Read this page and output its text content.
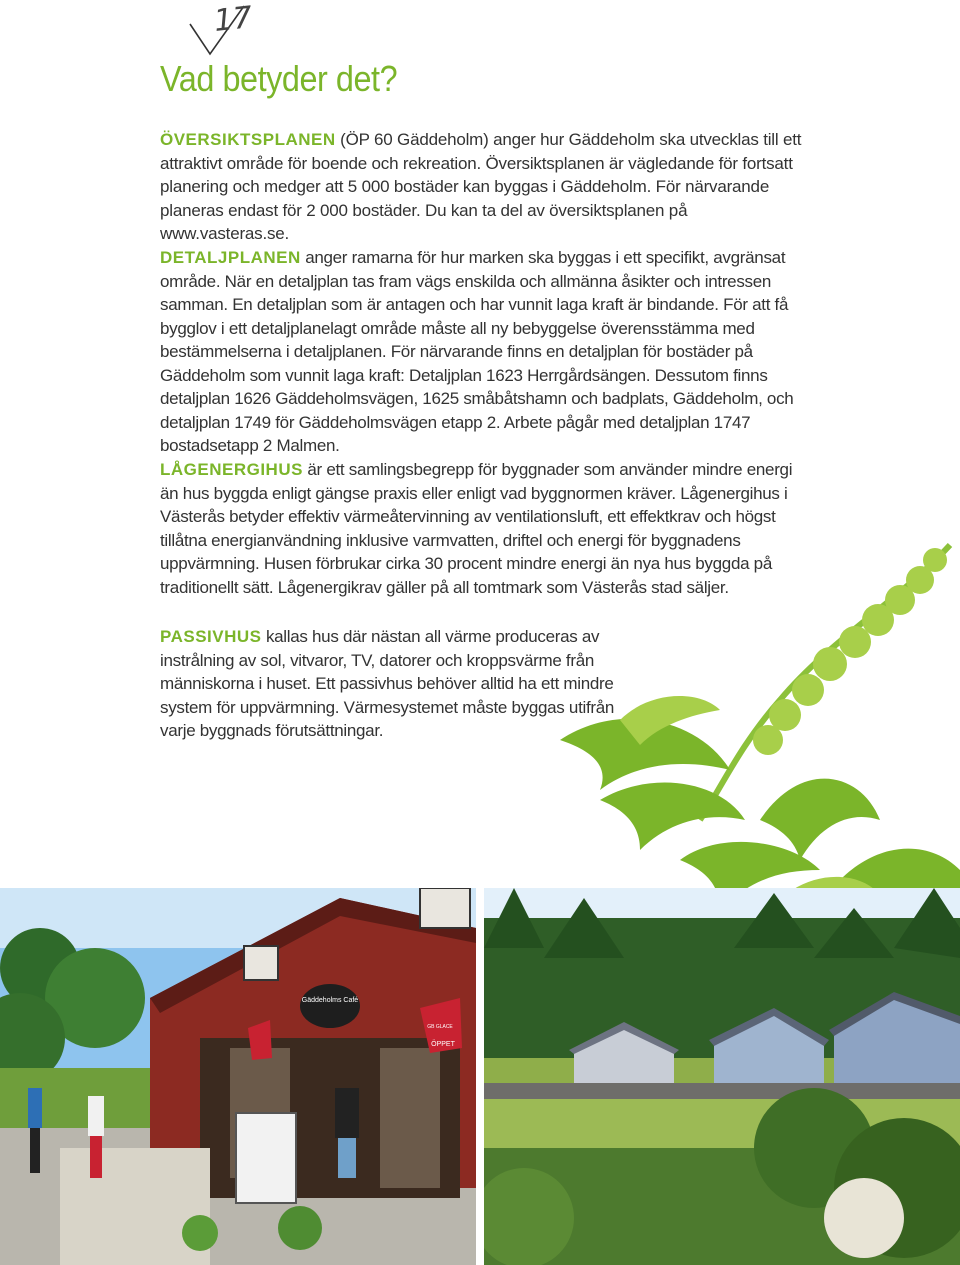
17
Vad betyder det?

ÖVERSIKTSPLANEN (ÖP 60 Gäddeholm) anger hur Gäddeholm ska utvecklas till ett attraktivt område för boende och rekreation. Översiktsplanen är vägledande för fortsatt planering och medger att 5 000 bostäder kan byggas i Gäddeholm. För närvarande planeras endast för 2 000 bostäder. Du kan ta del av översiktsplanen på www.vasteras.se.

DETALJPLANEN anger ramarna för hur marken ska byggas i ett specifikt, avgränsat område. När en detaljplan tas fram vägs enskilda och allmänna åsikter och intressen samman. En detaljplan som är antagen och har vunnit laga kraft är bindande. För att få bygglov i ett detaljplanelagt område måste all ny bebyggelse överensstämma med bestämmelserna i detaljplanen. För närvarande finns en detaljplan för bostäder på Gäddeholm som vunnit laga kraft: Detaljplan 1623 Herrgårdsängen. Dessutom finns detaljplan 1626 Gäddeholmsvägen, 1625 småbåtshamn och badplats, Gäddeholm, och detaljplan 1749 för Gäddeholmsvägen etapp 2. Arbete pågår med detaljplan 1747 bostadsetapp 2 Malmen.

LÅGENERGIHUS är ett samlingsbegrepp för byggnader som använder mindre energi än hus byggda enligt gängse praxis eller enligt vad byggnormen kräver. Lågenergihus i Västerås betyder effektiv värmeåtervinning av ventilationsluft, ett effektkrav och högst tillåtna energianvändning inklusive varmvatten, driftel och energi för byggnadens uppvärmning. Husen förbrukar cirka 30 procent mindre energi än nya hus byggda på traditionellt sätt. Lågenergikrav gäller på all tomtmark som Västerås stad säljer.

PASSIVHUS kallas hus där nästan all värme produceras av instrålning av sol, vitvaror, TV, datorer och kroppsvärme från människorna i huset. Ett passivhus behöver alltid ha ett mindre system för uppvärmning. Värmesystemet måste byggas utifrån varje byggnads förutsättningar.

Gäddeholms Café
ÖPPET
GB GLACE
